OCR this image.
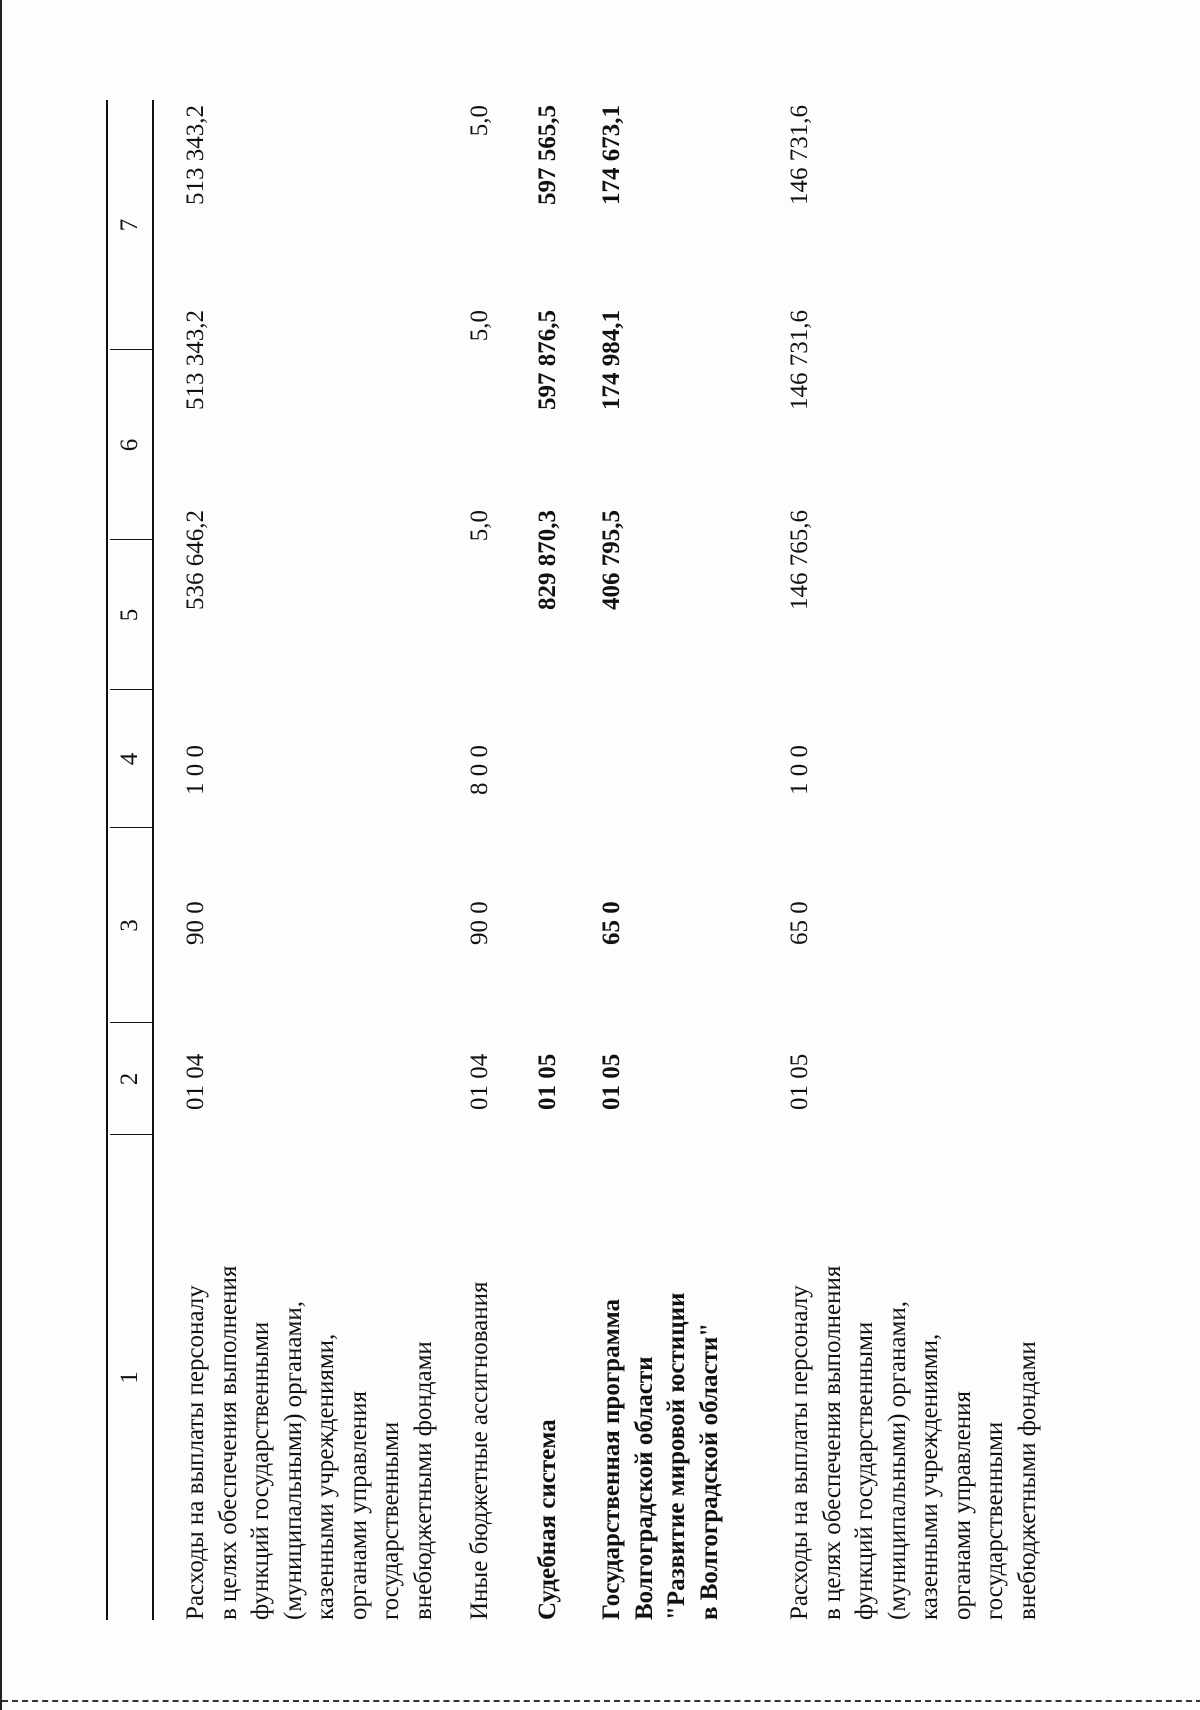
1
2
3
4
5
6
7
Расходы на выплаты персоналу
в целях обеспечения выполнения
функций государственными
(муниципальными) органами,
казенными учреждениями,
органами управления
государственными
внебюджетными фондами
01 04
90 0
1 0 0
536 646,2
513 343,2
513 343,2
Иные бюджетные ассигнования
01 04
90 0
8 0 0
5,0
5,0
5,0
Судебная система
01 05
829 870,3
597 876,5
597 565,5
Государственная программа
Волгоградской области
"Развитие мировой юстиции
в Волгоградской области"
01 05
65 0
406 795,5
174 984,1
174 673,1
Расходы на выплаты персоналу
в целях обеспечения выполнения
функций государственными
(муниципальными) органами,
казенными учреждениями,
органами управления
государственными
внебюджетными фондами
01 05
65 0
1 0 0
146 765,6
146 731,6
146 731,6
